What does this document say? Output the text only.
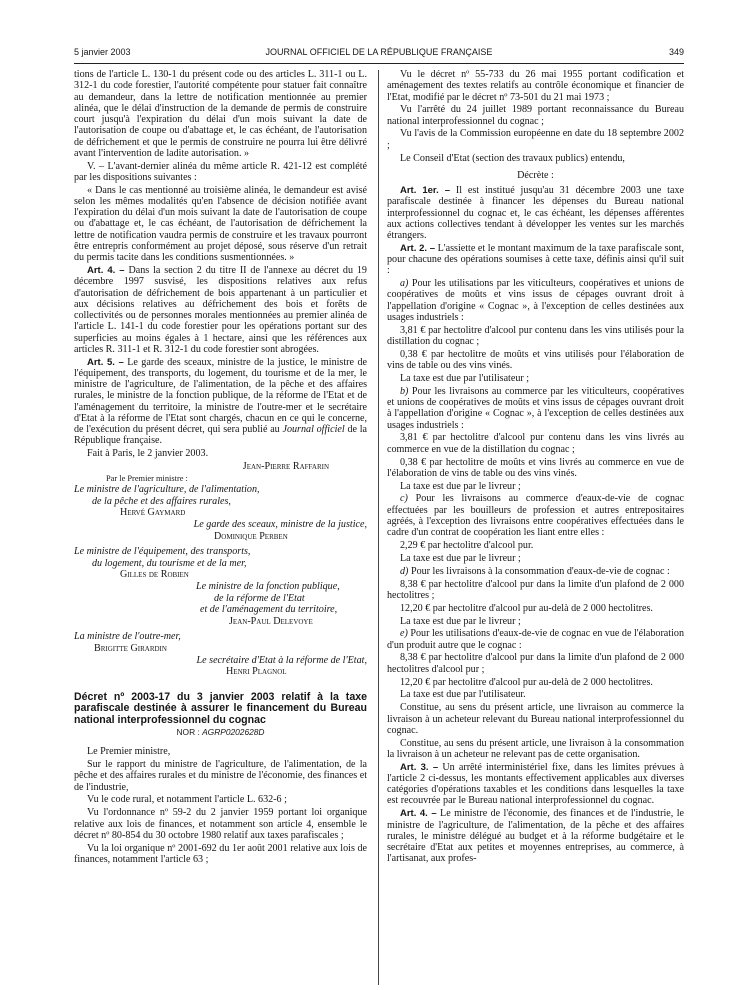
5 janvier 2003	JOURNAL OFFICIEL DE LA RÉPUBLIQUE FRANÇAISE	349

tions de l'article L. 130-1 du présent code ou des articles L. 311-1 ou L. 312-1 du code forestier, l'autorité compétente pour statuer fait connaître au demandeur, dans la lettre de notification mentionnée au premier alinéa, que le délai d'instruction de la demande de permis de construire court jusqu'à l'expiration du délai d'un mois suivant la date de l'autorisation de coupe ou d'abattage et, le cas échéant, de l'autorisation de défrichement et que le permis de construire ne pourra lui être délivré avant l'intervention de ladite autorisation. »

V. – L'avant-dernier alinéa du même article R. 421-12 est complété par les dispositions suivantes :

« Dans le cas mentionné au troisième alinéa, le demandeur est avisé selon les mêmes modalités qu'en l'absence de décision notifiée avant l'expiration du délai d'un mois suivant la date de l'autorisation de coupe ou d'abattage et, le cas échéant, de l'autorisation de défrichement la lettre de notification vaudra permis de construire et les travaux pourront être entrepris conformément au projet déposé, sous réserve d'un retrait du permis tacite dans les conditions susmentionnées. »

Art. 4. – Dans la section 2 du titre II de l'annexe au décret du 19 décembre 1997 susvisé, les dispositions relatives aux refus d'autorisation de défrichement de bois appartenant à un particulier et aux décisions relatives au défrichement des bois et forêts de collectivités ou de personnes morales mentionnées au premier alinéa de l'article L. 141-1 du code forestier pour les opérations portant sur des superficies au moins égales à 1 hectare, ainsi que les références aux articles R. 311-1 et R. 312-1 du code forestier sont abrogées.

Art. 5. – Le garde des sceaux, ministre de la justice, le ministre de l'équipement, des transports, du logement, du tourisme et de la mer, le ministre de l'agriculture, de l'alimentation, de la pêche et des affaires rurales, le ministre de la fonction publique, de la réforme de l'Etat et de l'aménagement du territoire, la ministre de l'outre-mer et le secrétaire d'Etat à la réforme de l'Etat sont chargés, chacun en ce qui le concerne, de l'exécution du présent décret, qui sera publié au Journal officiel de la République française.

Fait à Paris, le 2 janvier 2003.

Jean-Pierre Raffarin

Par le Premier ministre :

Le ministre de l'agriculture, de l'alimentation,

de la pêche et des affaires rurales,

Hervé Gaymard

Le garde des sceaux, ministre de la justice,

Dominique Perben

Le ministre de l'équipement, des transports,

du logement, du tourisme et de la mer,

Gilles de Robien

Le ministre de la fonction publique,

de la réforme de l'Etat

et de l'aménagement du territoire,

Jean-Paul Delevoye

La ministre de l'outre-mer,

Brigitte Girardin

Le secrétaire d'Etat à la réforme de l'Etat,

Henri Plagnol

Décret nº 2003-17 du 3 janvier 2003 relatif à la taxe parafiscale destinée à assurer le financement du Bureau national interprofessionnel du cognac

NOR : AGRP0202628D

Le Premier ministre,

Sur le rapport du ministre de l'agriculture, de l'alimentation, de la pêche et des affaires rurales et du ministre de l'économie, des finances et de l'industrie,

Vu le code rural, et notamment l'article L. 632-6 ;

Vu l'ordonnance nº 59-2 du 2 janvier 1959 portant loi organique relative aux lois de finances, et notamment son article 4, ensemble le décret nº 80-854 du 30 octobre 1980 relatif aux taxes parafiscales ;

Vu la loi organique nº 2001-692 du 1er août 2001 relative aux lois de finances, notamment l'article 63 ;

Vu le décret nº 55-733 du 26 mai 1955 portant codification et aménagement des textes relatifs au contrôle économique et financier de l'Etat, modifié par le décret nº 73-501 du 21 mai 1973 ;

Vu l'arrêté du 24 juillet 1989 portant reconnaissance du Bureau national interprofessionnel du cognac ;

Vu l'avis de la Commission européenne en date du 18 septembre 2002 ;

Le Conseil d'Etat (section des travaux publics) entendu,

Décrète :

Art. 1er. – Il est institué jusqu'au 31 décembre 2003 une taxe parafiscale destinée à financer les dépenses du Bureau national interprofessionnel du cognac et, le cas échéant, les dépenses afférentes aux actions collectives tendant à développer les ventes sur les marchés étrangers.

Art. 2. – L'assiette et le montant maximum de la taxe parafiscale sont, pour chacune des opérations soumises à cette taxe, définis ainsi qu'il suit :

a) Pour les utilisations par les viticulteurs, coopératives et unions de coopératives de moûts et vins issus de cépages ouvrant droit à l'appellation d'origine « Cognac », à l'exception de celles destinées aux usages industriels :

3,81 € par hectolitre d'alcool pur contenu dans les vins utilisés pour la distillation du cognac ;

0,38 € par hectolitre de moûts et vins utilisés pour l'élaboration de vins de table ou des vins vinés.

La taxe est due par l'utilisateur ;

b) Pour les livraisons au commerce par les viticulteurs, coopératives et unions de coopératives de moûts et vins issus de cépages ouvrant droit à l'appellation d'origine « Cognac », à l'exception de celles destinées aux usages industriels :

3,81 € par hectolitre d'alcool pur contenu dans les vins livrés au commerce en vue de la distillation du cognac ;

0,38 € par hectolitre de moûts et vins livrés au commerce en vue de l'élaboration de vins de table ou des vins vinés.

La taxe est due par le livreur ;

c) Pour les livraisons au commerce d'eaux-de-vie de cognac effectuées par les bouilleurs de profession et autres entrepositaires agréés, à l'exception des livraisons entre coopératives effectuées dans le cadre d'un contrat de coopération les liant entre elles :

2,29 € par hectolitre d'alcool pur.

La taxe est due par le livreur ;

d) Pour les livraisons à la consommation d'eaux-de-vie de cognac :

8,38 € par hectolitre d'alcool pur dans la limite d'un plafond de 2 000 hectolitres ;

12,20 € par hectolitre d'alcool pur au-delà de 2 000 hectolitres.

La taxe est due par le livreur ;

e) Pour les utilisations d'eaux-de-vie de cognac en vue de l'élaboration d'un produit autre que le cognac :

8,38 € par hectolitre d'alcool pur dans la limite d'un plafond de 2 000 hectolitres d'alcool pur ;

12,20 € par hectolitre d'alcool pur au-delà de 2 000 hectolitres.

La taxe est due par l'utilisateur.

Constitue, au sens du présent article, une livraison au commerce la livraison à un acheteur relevant du Bureau national interprofessionnel du cognac.

Constitue, au sens du présent article, une livraison à la consommation la livraison à un acheteur ne relevant pas de cette organisation.

Art. 3. – Un arrêté interministériel fixe, dans les limites prévues à l'article 2 ci-dessus, les montants effectivement applicables aux diverses catégories d'opérations taxables et les conditions dans lesquelles la taxe est recouvrée par le Bureau national interprofessionnel du cognac.

Art. 4. – Le ministre de l'économie, des finances et de l'industrie, le ministre de l'agriculture, de l'alimentation, de la pêche et des affaires rurales, le ministre délégué au budget et à la réforme budgétaire et le secrétaire d'Etat aux petites et moyennes entreprises, au commerce, à l'artisanat, aux profes-
